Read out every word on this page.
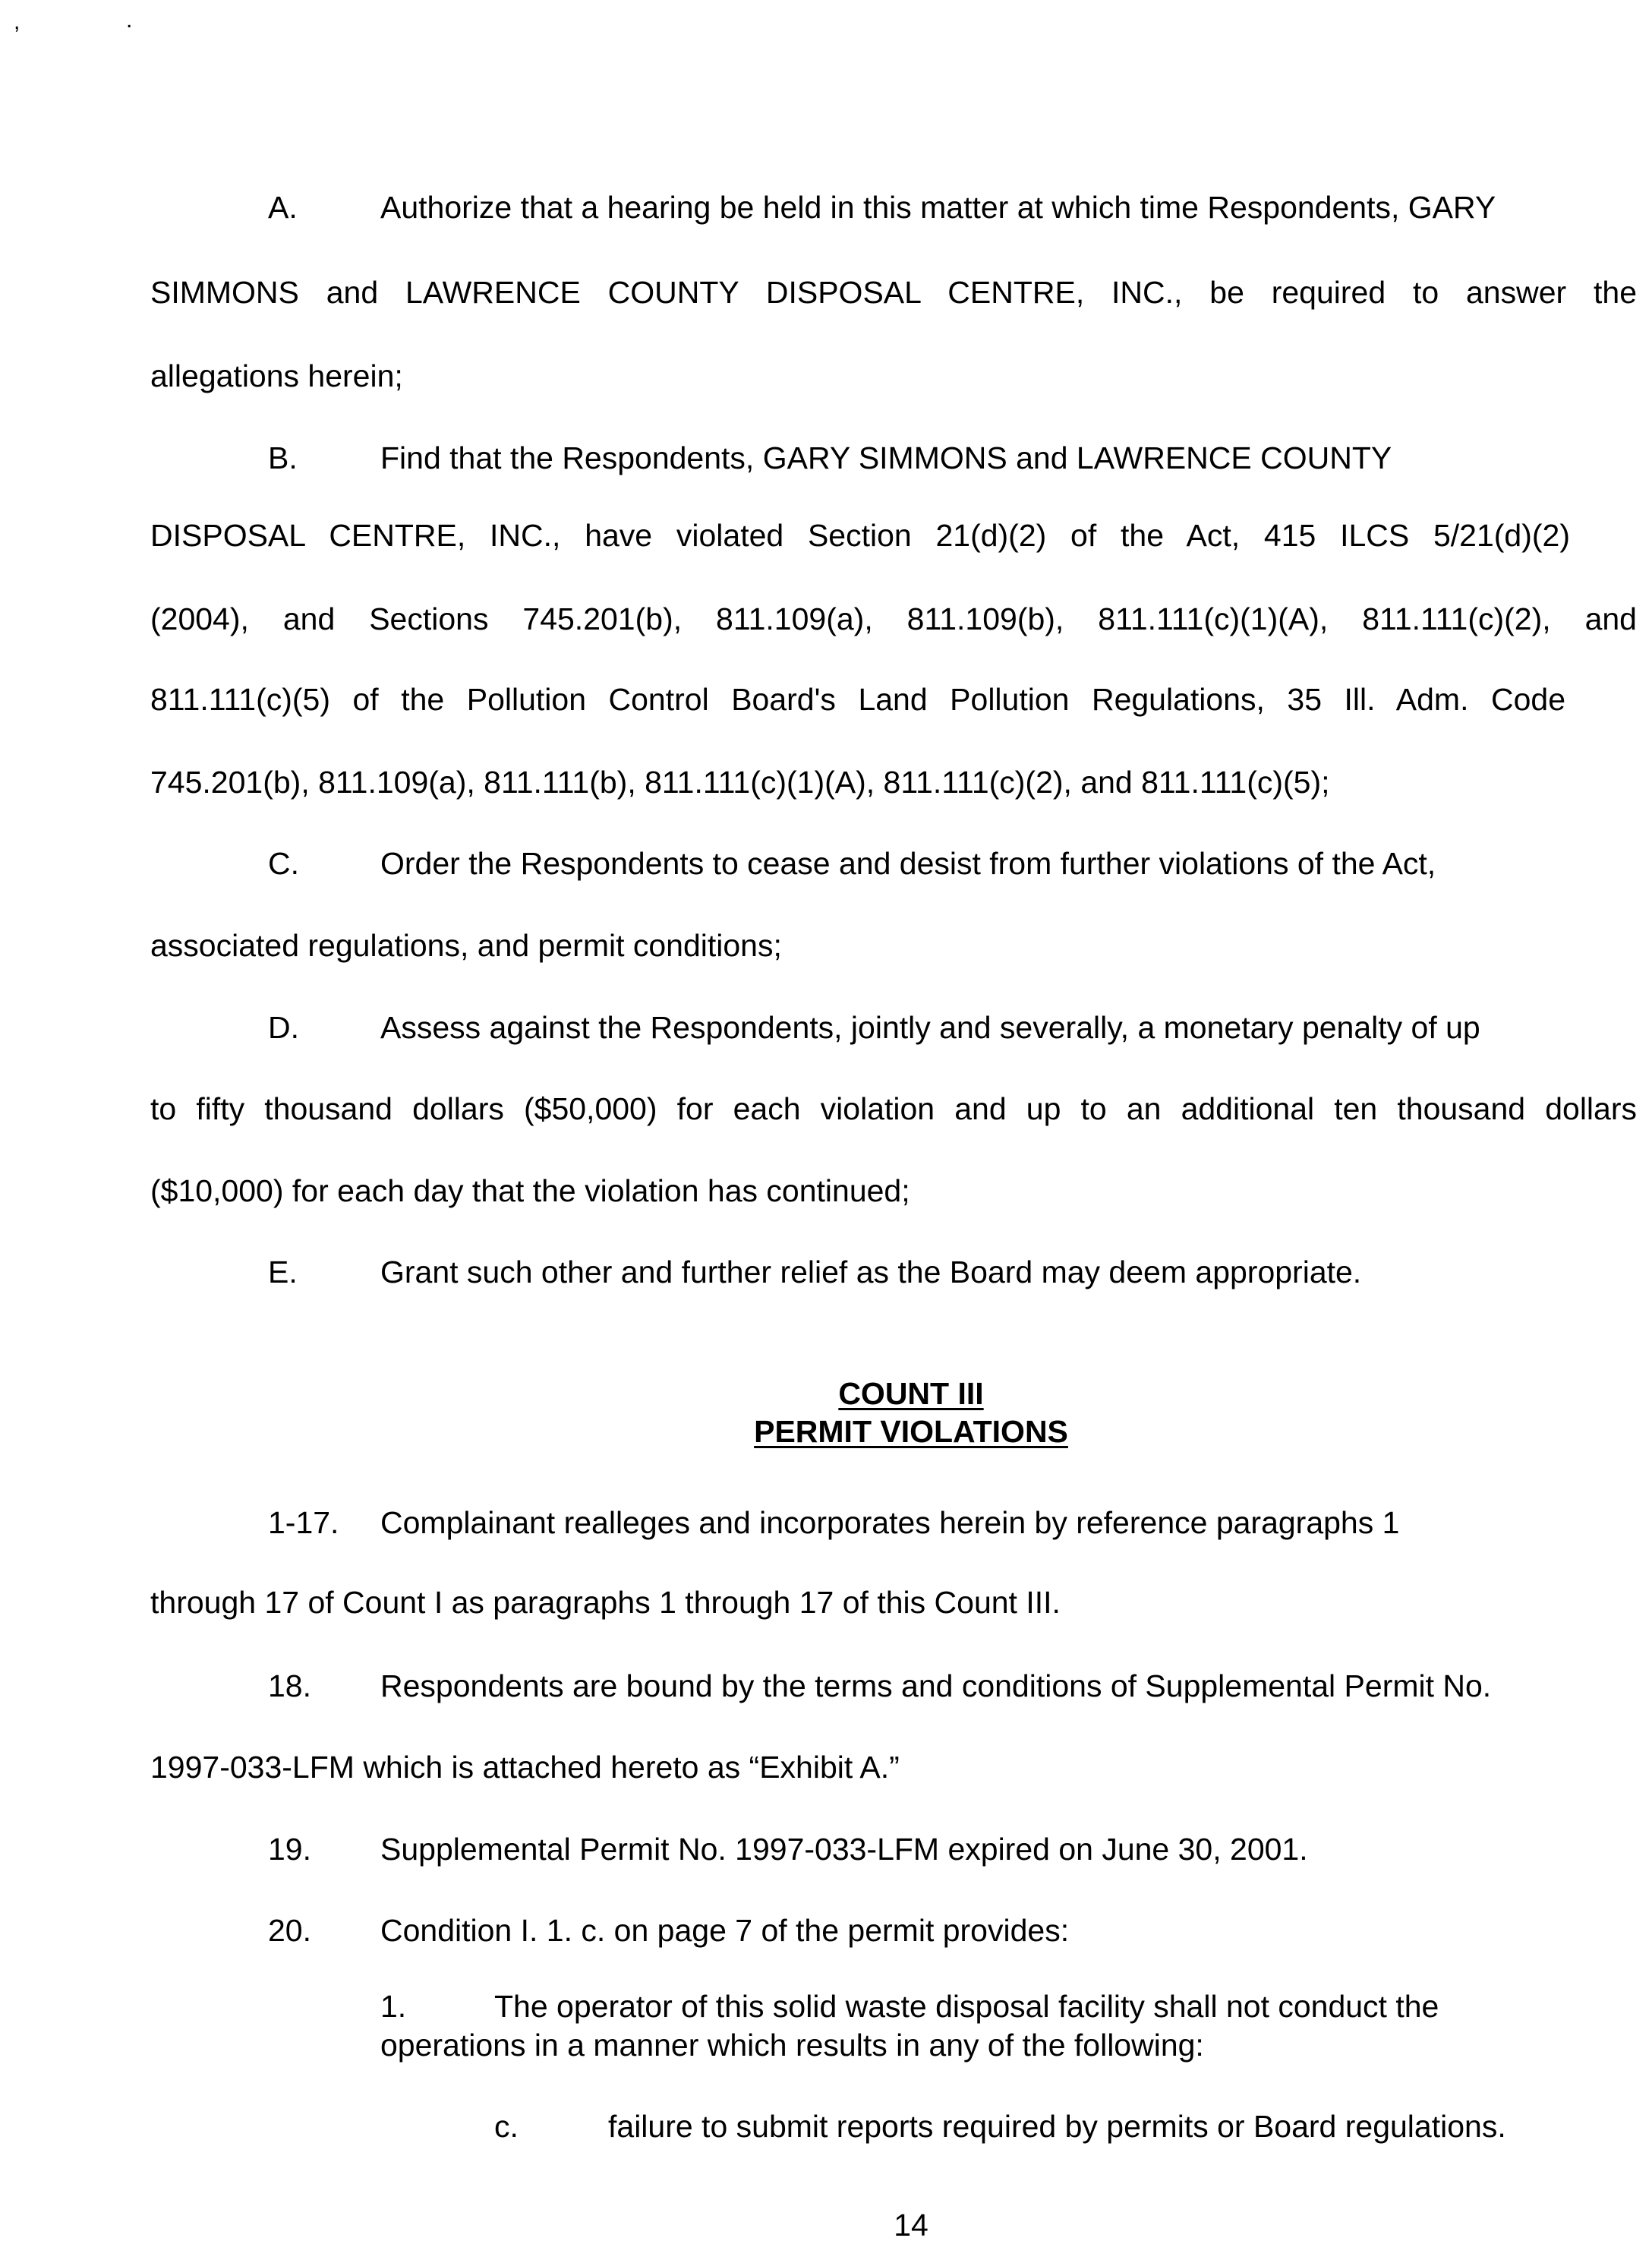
,	.
A.	Authorize that a hearing be held in this matter at which time Respondents, GARY
SIMMONS and LAWRENCE COUNTY DISPOSAL CENTRE, INC., be required to answer the
allegations herein;
B.	Find that the Respondents, GARY SIMMONS and LAWRENCE COUNTY
DISPOSAL CENTRE, INC., have violated Section 21(d)(2) of the Act, 415 ILCS 5/21(d)(2)
(2004), and Sections 745.201(b), 811.109(a), 811.109(b), 811.111(c)(1)(A), 811.111(c)(2), and
811.111(c)(5) of the Pollution Control Board's Land Pollution Regulations, 35 Ill. Adm. Code
745.201(b), 811.109(a), 811.111(b), 811.111(c)(1)(A), 811.111(c)(2), and 811.111(c)(5);
C.	Order the Respondents to cease and desist from further violations of the Act,
associated regulations, and permit conditions;
D.	Assess against the Respondents, jointly and severally, a monetary penalty of up
to fifty thousand dollars ($50,000) for each violation and up to an additional ten thousand dollars
($10,000) for each day that the violation has continued;
E.	Grant such other and further relief as the Board may deem appropriate.
COUNT III
PERMIT VIOLATIONS
1-17. Complainant realleges and incorporates herein by reference paragraphs 1
through 17 of Count I as paragraphs 1 through 17 of this Count III.
18. Respondents are bound by the terms and conditions of Supplemental Permit No.
1997-033-LFM which is attached hereto as “Exhibit A.”
19. Supplemental Permit No. 1997-033-LFM expired on June 30, 2001.
20. Condition I. 1. c. on page 7 of the permit provides:
1.	The operator of this solid waste disposal facility shall not conduct the
operations in a manner which results in any of the following:
c.	failure to submit reports required by permits or Board regulations.
14
